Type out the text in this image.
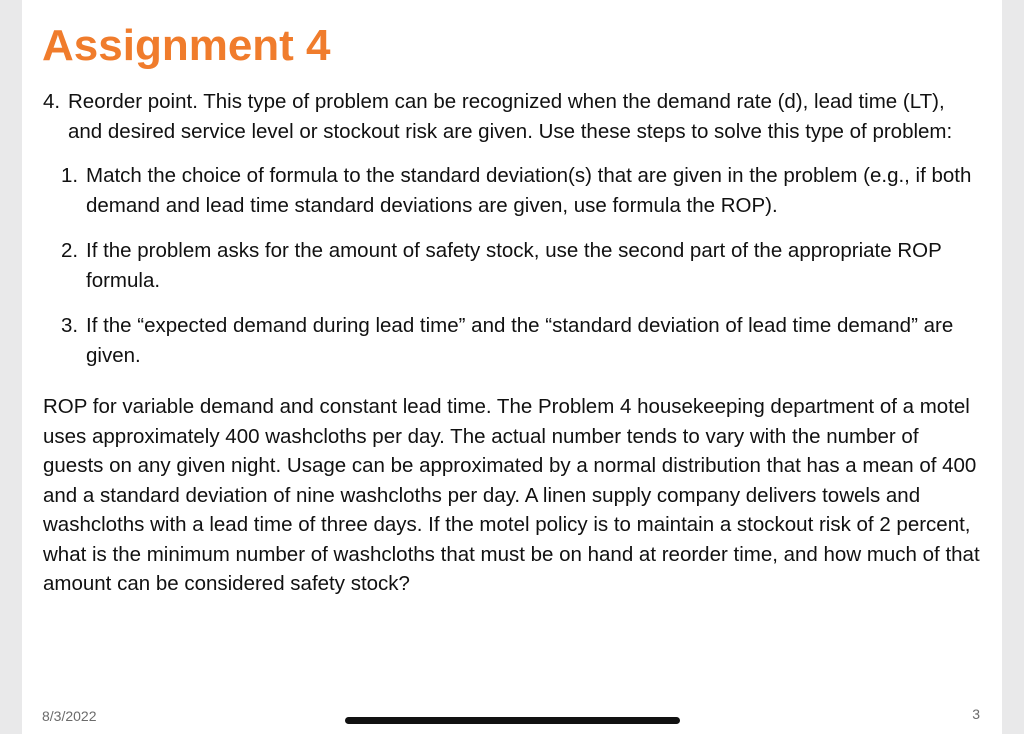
Assignment 4
4. Reorder point. This type of problem can be recognized when the demand rate (d), lead time (LT), and desired service level or stockout risk are given. Use these steps to solve this type of problem:
1. Match the choice of formula to the standard deviation(s) that are given in the problem (e.g., if both demand and lead time standard deviations are given, use formula the ROP).
2. If the problem asks for the amount of safety stock, use the second part of the appropriate ROP formula.
3. If the “expected demand during lead time” and the “standard deviation of lead time demand” are given.

ROP for variable demand and constant lead time. The Problem 4 housekeeping department of a motel uses approximately 400 washcloths per day. The actual number tends to vary with the number of guests on any given night. Usage can be approximated by a normal distribution that has a mean of 400 and a standard deviation of nine washcloths per day. A linen supply company delivers towels and washcloths with a lead time of three days. If the motel policy is to maintain a stockout risk of 2 percent, what is the minimum number of washcloths that must be on hand at reorder time, and how much of that amount can be considered safety stock?

8/3/2022	3
